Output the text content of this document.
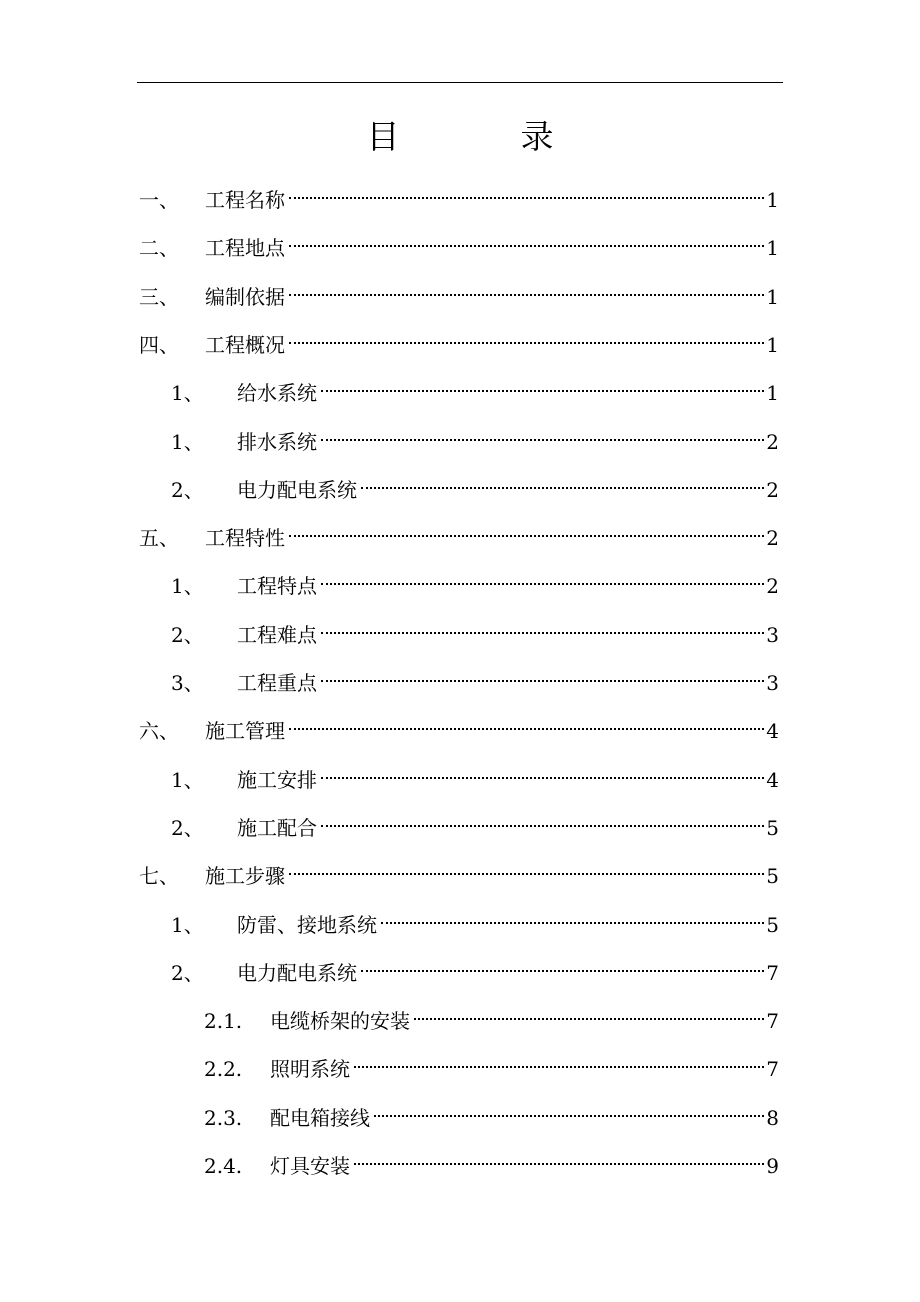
目　录
一、	工程名称	1
二、	工程地点	1
三、	编制依据	1
四、	工程概况	1
1、	给水系统	1
1、	排水系统	2
2、	电力配电系统	2
五、	工程特性	2
1、	工程特点	2
2、	工程难点	3
3、	工程重点	3
六、	施工管理	4
1、	施工安排	4
2、	施工配合	5
七、	施工步骤	5
1、	防雷、接地系统	5
2、	电力配电系统	7
2.1.	电缆桥架的安装	7
2.2.	照明系统	7
2.3.	配电箱接线	8
2.4.	灯具安装	9
